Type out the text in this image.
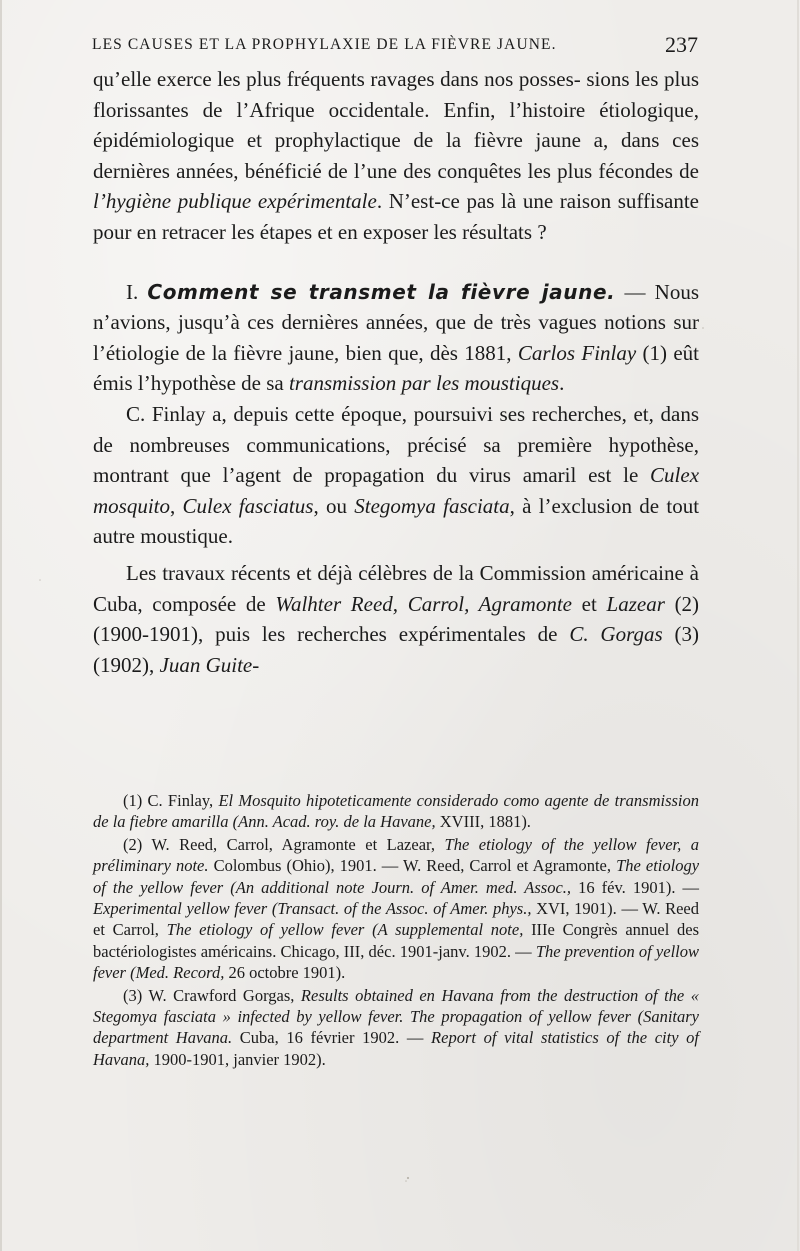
LES CAUSES ET LA PROPHYLAXIE DE LA FIÈVRE JAUNE.	237

qu’elle exerce les plus fréquents ravages dans nos posses- sions les plus florissantes de l’Afrique occidentale. Enfin, l’histoire étiologique, épidémiologique et prophylactique de la fièvre jaune a, dans ces dernières années, bénéficié de l’une des conquêtes les plus fécondes de l’hygiène publique expérimentale. N’est-ce pas là une raison suffisante pour en retracer les étapes et en exposer les résultats ?

I. Comment se transmet la fièvre jaune. — Nous n’avions, jusqu’à ces dernières années, que de très vagues notions sur l’étiologie de la fièvre jaune, bien que, dès 1881, Carlos Finlay (1) eût émis l’hypothèse de sa transmission par les moustiques.

C. Finlay a, depuis cette époque, poursuivi ses recherches, et, dans de nombreuses communications, précisé sa première hypothèse, montrant que l’agent de propagation du virus amaril est le Culex mosquito, Culex fasciatus, ou Stegomya fasciata, à l’exclusion de tout autre moustique.

Les travaux récents et déjà célèbres de la Commission américaine à Cuba, composée de Walhter Reed, Carrol, Agramonte et Lazear (2) (1900-1901), puis les recherches expérimentales de C. Gorgas (3) (1902), Juan Guite-

(1) C. Finlay, El Mosquito hipoteticamente considerado como agente de transmission de la fiebre amarilla (Ann. Acad. roy. de la Havane, XVIII, 1881).

(2) W. Reed, Carrol, Agramonte et Lazear, The etiology of the yellow fever, a préliminary note. Colombus (Ohio), 1901. — W. Reed, Carrol et Agramonte, The etiology of the yellow fever (An additional note Journ. of Amer. med. Assoc., 16 fév. 1901). — Experimental yellow fever (Transact. of the Assoc. of Amer. phys., XVI, 1901). — W. Reed et Carrol, The etiology of yellow fever (A supplemental note, IIIe Congrès annuel des bactériologistes américains. Chicago, III, déc. 1901-janv. 1902. — The prevention of yellow fever (Med. Record, 26 octobre 1901).

(3) W. Crawford Gorgas, Results obtained en Havana from the destruction of the « Stegomya fasciata » infected by yellow fever. The propagation of yellow fever (Sanitary department Havana. Cuba, 16 février 1902. — Report of vital statistics of the city of Havana, 1900-1901, janvier 1902).
